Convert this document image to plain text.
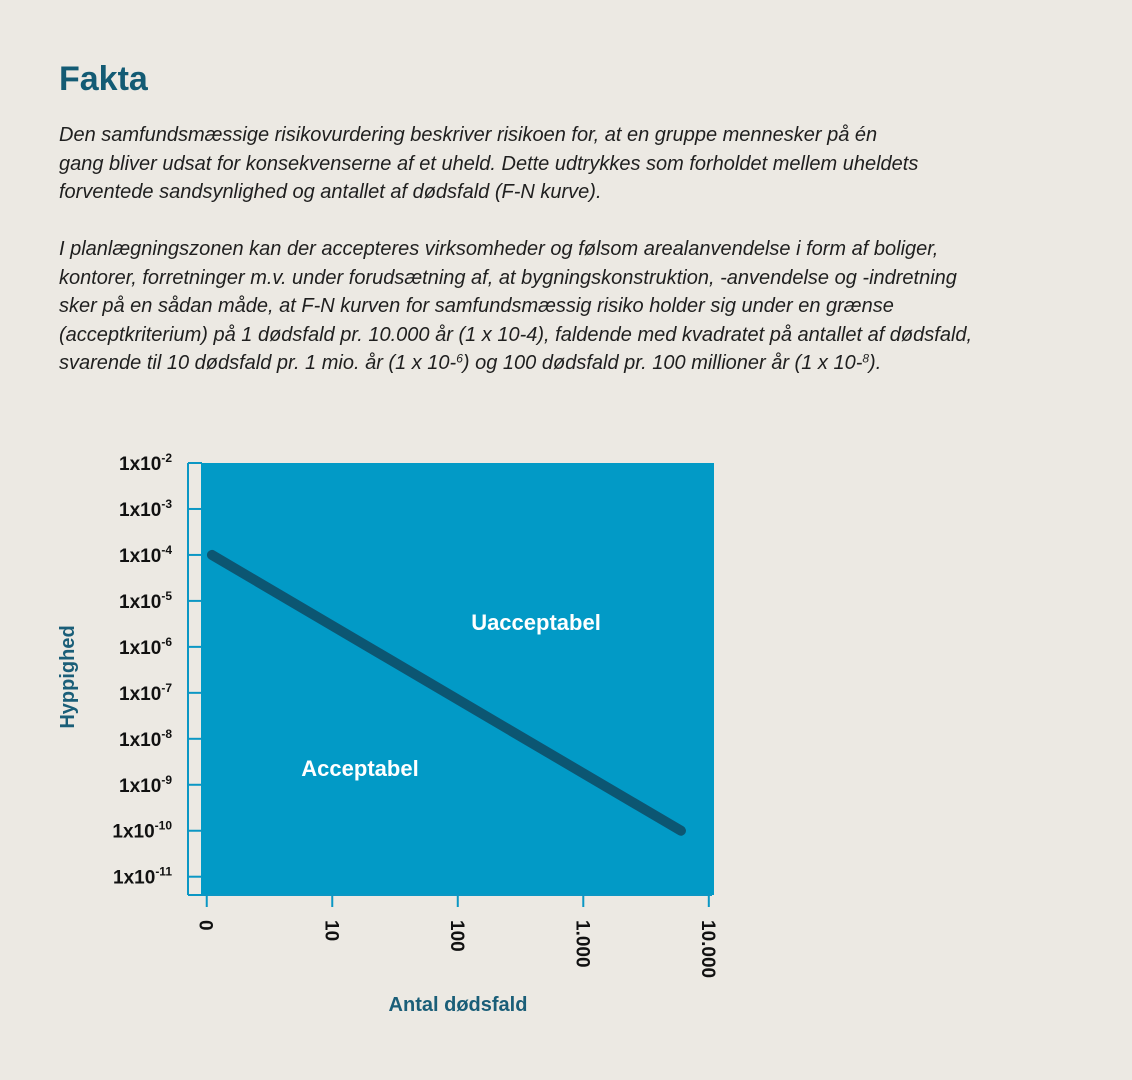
Fakta

Den samfundsmæssige risikovurdering beskriver risikoen for, at en gruppe mennesker på én
gang bliver udsat for konsekvenserne af et uheld. Dette udtrykkes som forholdet mellem uheldets
forventede sandsynlighed og antallet af dødsfald (F-N kurve).

I planlægningszonen kan der accepteres virksomheder og følsom arealanvendelse i form af boliger,
kontorer, forretninger m.v. under forudsætning af, at bygningskonstruktion, -anvendelse og -indretning
sker på en sådan måde, at F-N kurven for samfundsmæssig risiko holder sig under en grænse
(acceptkriterium) på 1 dødsfald pr. 10.000 år (1 x 10-4), faldende med kvadratet på antallet af dødsfald,
svarende til 10 dødsfald pr. 1 mio. år (1 x 10-$^6$) og 100 dødsfald pr. 100 millioner år (1 x 10-$^8$).

Uacceptabel
Acceptabel
$1x10^{-2}$
$1x10^{-3}$
$1x10^{-4}$
$1x10^{-5}$
$1x10^{-6}$
$1x10^{-7}$
$1x10^{-8}$
$1x10^{-9}$
$1x10^{-10}$
$1x10^{-11}$
0	10	100	1.000	10.000
Hyppighed
Antal dødsfald
